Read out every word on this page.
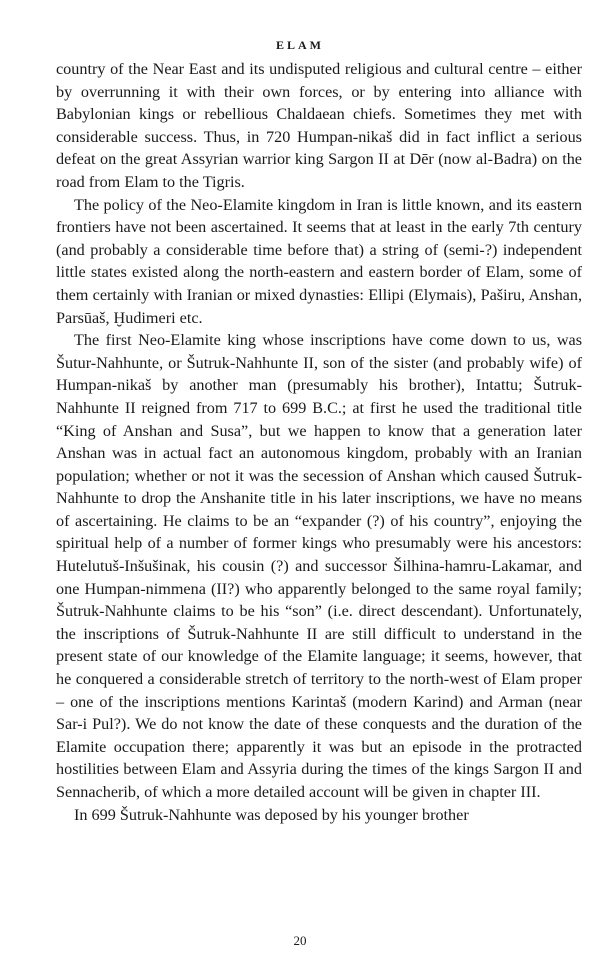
ELAM

country of the Near East and its undisputed religious and cultural centre – either by overrunning it with their own forces, or by entering into alliance with Babylonian kings or rebellious Chaldaean chiefs. Sometimes they met with considerable success. Thus, in 720 Humpan-nikaš did in fact inflict a serious defeat on the great Assyrian warrior king Sargon II at Dēr (now al-Badra) on the road from Elam to the Tigris.

The policy of the Neo-Elamite kingdom in Iran is little known, and its eastern frontiers have not been ascertained. It seems that at least in the early 7th century (and probably a considerable time before that) a string of (semi-?) independent little states existed along the north-eastern and eastern border of Elam, some of them certainly with Iranian or mixed dynasties: Ellipi (Elymais), Paširu, Anshan, Parsūaš, Ḫudimeri etc.

The first Neo-Elamite king whose inscriptions have come down to us, was Šutur-Nahhunte, or Šutruk-Nahhunte II, son of the sister (and probably wife) of Humpan-nikaš by another man (presumably his brother), Intattu; Šutruk-Nahhunte II reigned from 717 to 699 B.C.; at first he used the traditional title “King of Anshan and Susa”, but we happen to know that a generation later Anshan was in actual fact an autonomous kingdom, probably with an Iranian population; whether or not it was the secession of Anshan which caused Šutruk-Nahhunte to drop the Anshanite title in his later inscriptions, we have no means of ascertaining. He claims to be an “expander (?) of his country”, enjoying the spiritual help of a number of former kings who presumably were his ancestors: Hutelutuš-Inšušinak, his cousin (?) and successor Šilhina-hamru-Lakamar, and one Humpan-nimmena (II?) who apparently belonged to the same royal family; Šutruk-Nahhunte claims to be his “son” (i.e. direct descendant). Unfortunately, the inscriptions of Šutruk-Nahhunte II are still difficult to understand in the present state of our knowledge of the Elamite language; it seems, however, that he conquered a considerable stretch of territory to the north-west of Elam proper – one of the inscriptions mentions Karintaš (modern Karind) and Arman (near Sar-i Pul?). We do not know the date of these conquests and the duration of the Elamite occupation there; apparently it was but an episode in the protracted hostilities between Elam and Assyria during the times of the kings Sargon II and Sennacherib, of which a more detailed account will be given in chapter III.

In 699 Šutruk-Nahhunte was deposed by his younger brother

20
